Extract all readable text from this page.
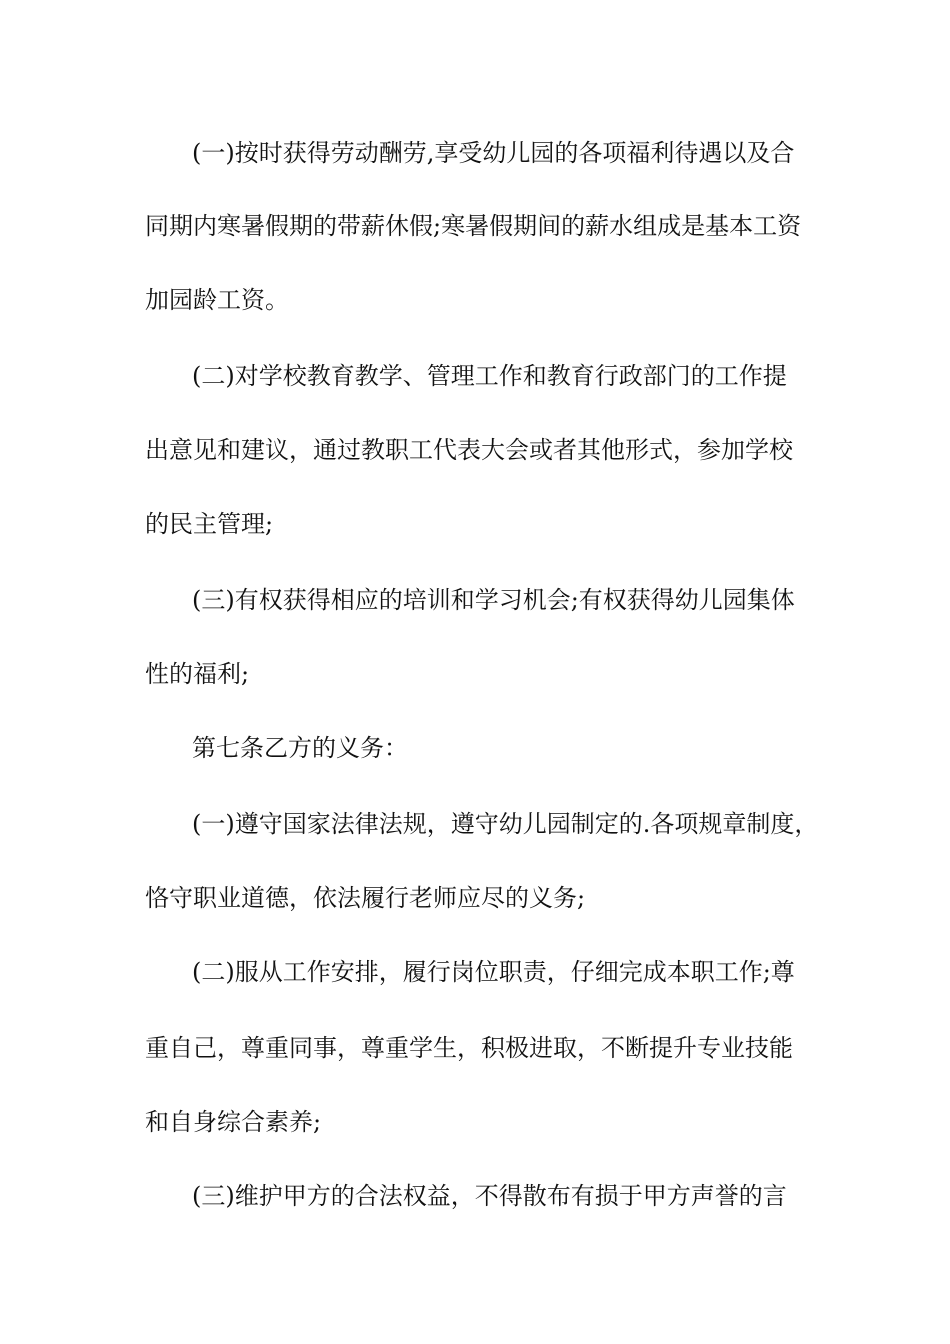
(一)按时获得劳动酬劳,享受幼儿园的各项福利待遇以及合

同期内寒暑假期的带薪休假;寒暑假期间的薪水组成是基本工资

加园龄工资。

(二)对学校教育教学、管理工作和教育行政部门的工作提

出意见和建议，通过教职工代表大会或者其他形式，参加学校

的民主管理;

(三)有权获得相应的培训和学习机会;有权获得幼儿园集体

性的福利;

第七条乙方的义务：

(一)遵守国家法律法规，遵守幼儿园制定的.各项规章制度，

恪守职业道德，依法履行老师应尽的义务;

(二)服从工作安排，履行岗位职责，仔细完成本职工作;尊

重自己，尊重同事，尊重学生，积极进取，不断提升专业技能

和自身综合素养;

(三)维护甲方的合法权益，不得散布有损于甲方声誉的言
